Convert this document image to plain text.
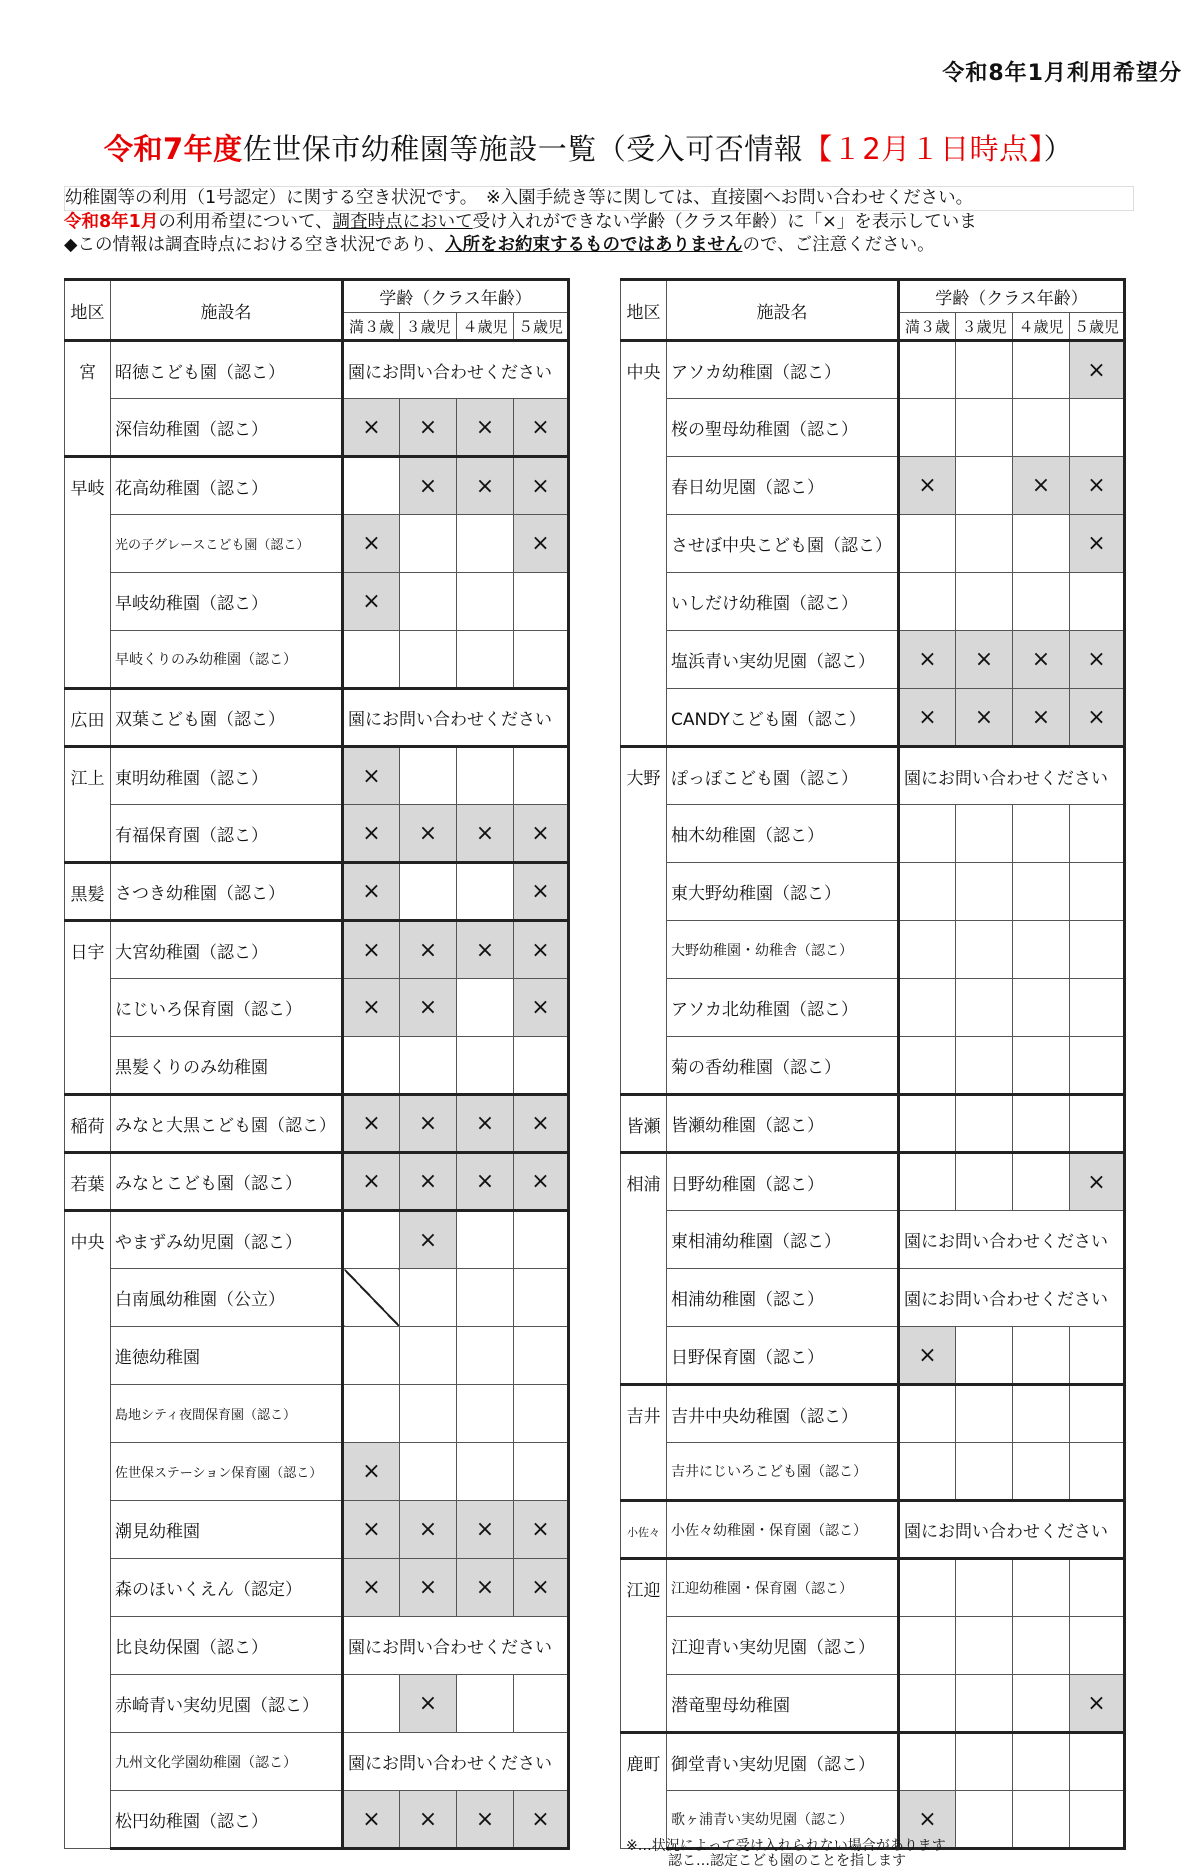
令和8年1月利用希望分
令和7年度佐世保市幼稚園等施設一覧（受入可否情報【１2月１日時点】）
幼稚園等の利用（1号認定）に関する空き状況です。　※入園手続き等に関しては、直接園へお問い合わせください。
令和8年1月の利用希望について、調査時点において受け入れができない学齢（クラス年齢）に「×」を表示していま
◆この情報は調査時点における空き状況であり、入所をお約束するものではありませんので、ご注意ください。
地区	施設名	学齢（クラス年齢）			
		満３歳	３歳児	４歳児	５歳児
宮	昭徳こども園（認こ）	園にお問い合わせください			
	深信幼稚園（認こ）	×	×	×	×
早岐	花高幼稚園（認こ）		×	×	×
	光の子グレースこども園（認こ）	×			×
	早岐幼稚園（認こ）	×			
	早岐くりのみ幼稚園（認こ）				
広田	双葉こども園（認こ）	園にお問い合わせください			
江上	東明幼稚園（認こ）	×			
	有福保育園（認こ）	×	×	×	×
黒髪	さつき幼稚園（認こ）	×			×
日宇	大宮幼稚園（認こ）	×	×	×	×
	にじいろ保育園（認こ）	×	×		×
	黒髪くりのみ幼稚園				
稲荷	みなと大黒こども園（認こ）	×	×	×	×
若葉	みなとこども園（認こ）	×	×	×	×
中央	やまずみ幼児園（認こ）		×		
	白南風幼稚園（公立）				
	進徳幼稚園				
	島地シティ夜間保育園（認こ）				
	佐世保ステーション保育園（認こ）	×			
	潮見幼稚園	×	×	×	×
	森のほいくえん（認定）	×	×	×	×
	比良幼保園（認こ）	園にお問い合わせください			
	赤崎青い実幼児園（認こ）		×		
	九州文化学園幼稚園（認こ）	園にお問い合わせください			
	松円幼稚園（認こ）	×	×	×	×
地区	施設名	学齢（クラス年齢）			
		満３歳	３歳児	４歳児	５歳児
中央	アソカ幼稚園（認こ）				×
	桜の聖母幼稚園（認こ）				
	春日幼児園（認こ）	×		×	×
	させぼ中央こども園（認こ）				×
	いしだけ幼稚園（認こ）				
	塩浜青い実幼児園（認こ）	×	×	×	×
	CANDYこども園（認こ）	×	×	×	×
大野	ぽっぽこども園（認こ）	園にお問い合わせください			
	柚木幼稚園（認こ）				
	東大野幼稚園（認こ）				
	大野幼稚園・幼稚舎（認こ）				
	アソカ北幼稚園（認こ）				
	菊の香幼稚園（認こ）				
皆瀬	皆瀬幼稚園（認こ）				
相浦	日野幼稚園（認こ）				×
	東相浦幼稚園（認こ）	園にお問い合わせください			
	相浦幼稚園（認こ）	園にお問い合わせください			
	日野保育園（認こ）	×			
吉井	吉井中央幼稚園（認こ）				
	吉井にじいろこども園（認こ）				
小佐々	小佐々幼稚園・保育園（認こ）	園にお問い合わせください			
江迎	江迎幼稚園・保育園（認こ）				
	江迎青い実幼児園（認こ）				
	潜竜聖母幼稚園				×
鹿町	御堂青い実幼児園（認こ）				
	歌ヶ浦青い実幼児園（認こ）	×			
※…状況によって受け入れられない場合があります
認こ…認定こども園のことを指します
